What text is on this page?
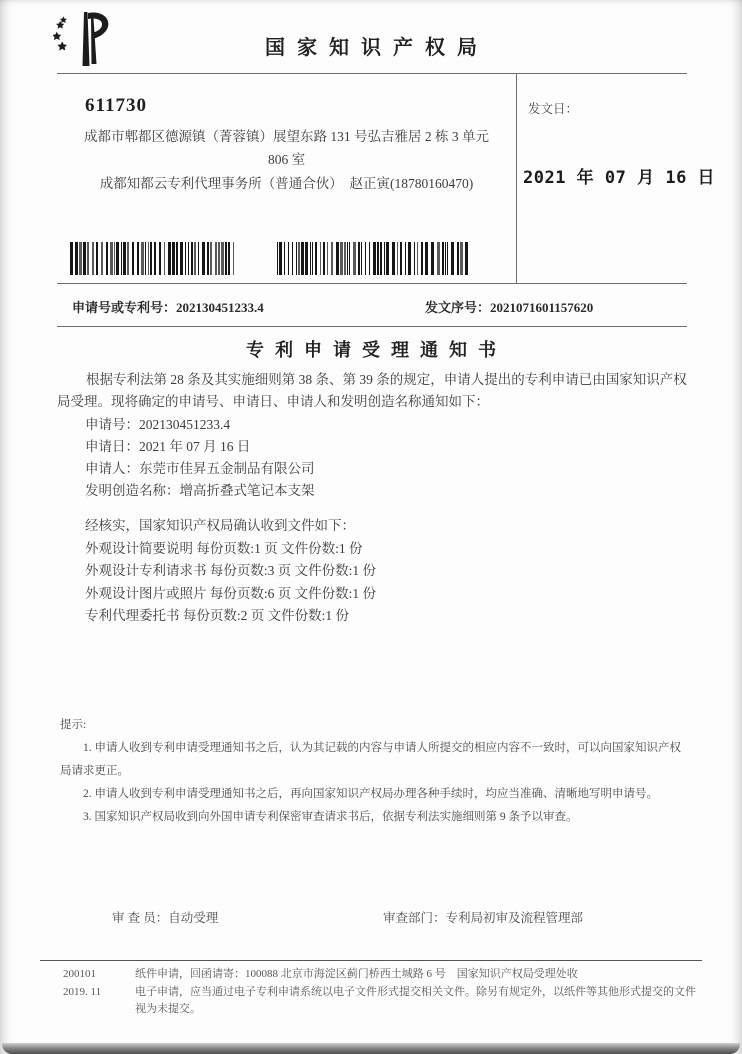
国家知识产权局
611730
成都市郫都区德源镇（菁蓉镇）展望东路 131 号弘吉雅居 2 栋 3 单元
806 室
成都知都云专利代理事务所（普通合伙）　赵正寅(18780160470)
发文日：
2021 年 07 月 16 日
申请号或专利号：202130451233.4	发文序号：2021071601157620
专利申请受理通知书

根据专利法第 28 条及其实施细则第 38 条、第 39 条的规定，申请人提出的专利申请已由国家知识产权局受理。现将确定的申请号、申请日、申请人和发明创造名称通知如下：

申请号：202130451233.4
申请日：2021 年 07 月 16 日
申请人：东莞市佳昇五金制品有限公司
发明创造名称：增高折叠式笔记本支架
经核实，国家知识产权局确认收到文件如下：
外观设计简要说明 每份页数:1 页 文件份数:1 份
外观设计专利请求书 每份页数:3 页 文件份数:1 份
外观设计图片或照片 每份页数:6 页 文件份数:1 份
专利代理委托书 每份页数:2 页 文件份数:1 份

提示:

1. 申请人收到专利申请受理通知书之后，认为其记载的内容与申请人所提交的相应内容不一致时，可以向国家知识产权局请求更正。

2. 申请人收到专利申请受理通知书之后，再向国家知识产权局办理各种手续时，均应当准确、清晰地写明申请号。

3. 国家知识产权局收到向外国申请专利保密审查请求书后，依据专利法实施细则第 9 条予以审查。

审 查 员：自动受理	审查部门：专利局初审及流程管理部
200101
2019. 11

纸件申请，回函请寄：100088 北京市海淀区蓟门桥西土城路 6 号　国家知识产权局受理处收

电子申请，应当通过电子专利申请系统以电子文件形式提交相关文件。除另有规定外，以纸件等其他形式提交的文件视为未提交。
